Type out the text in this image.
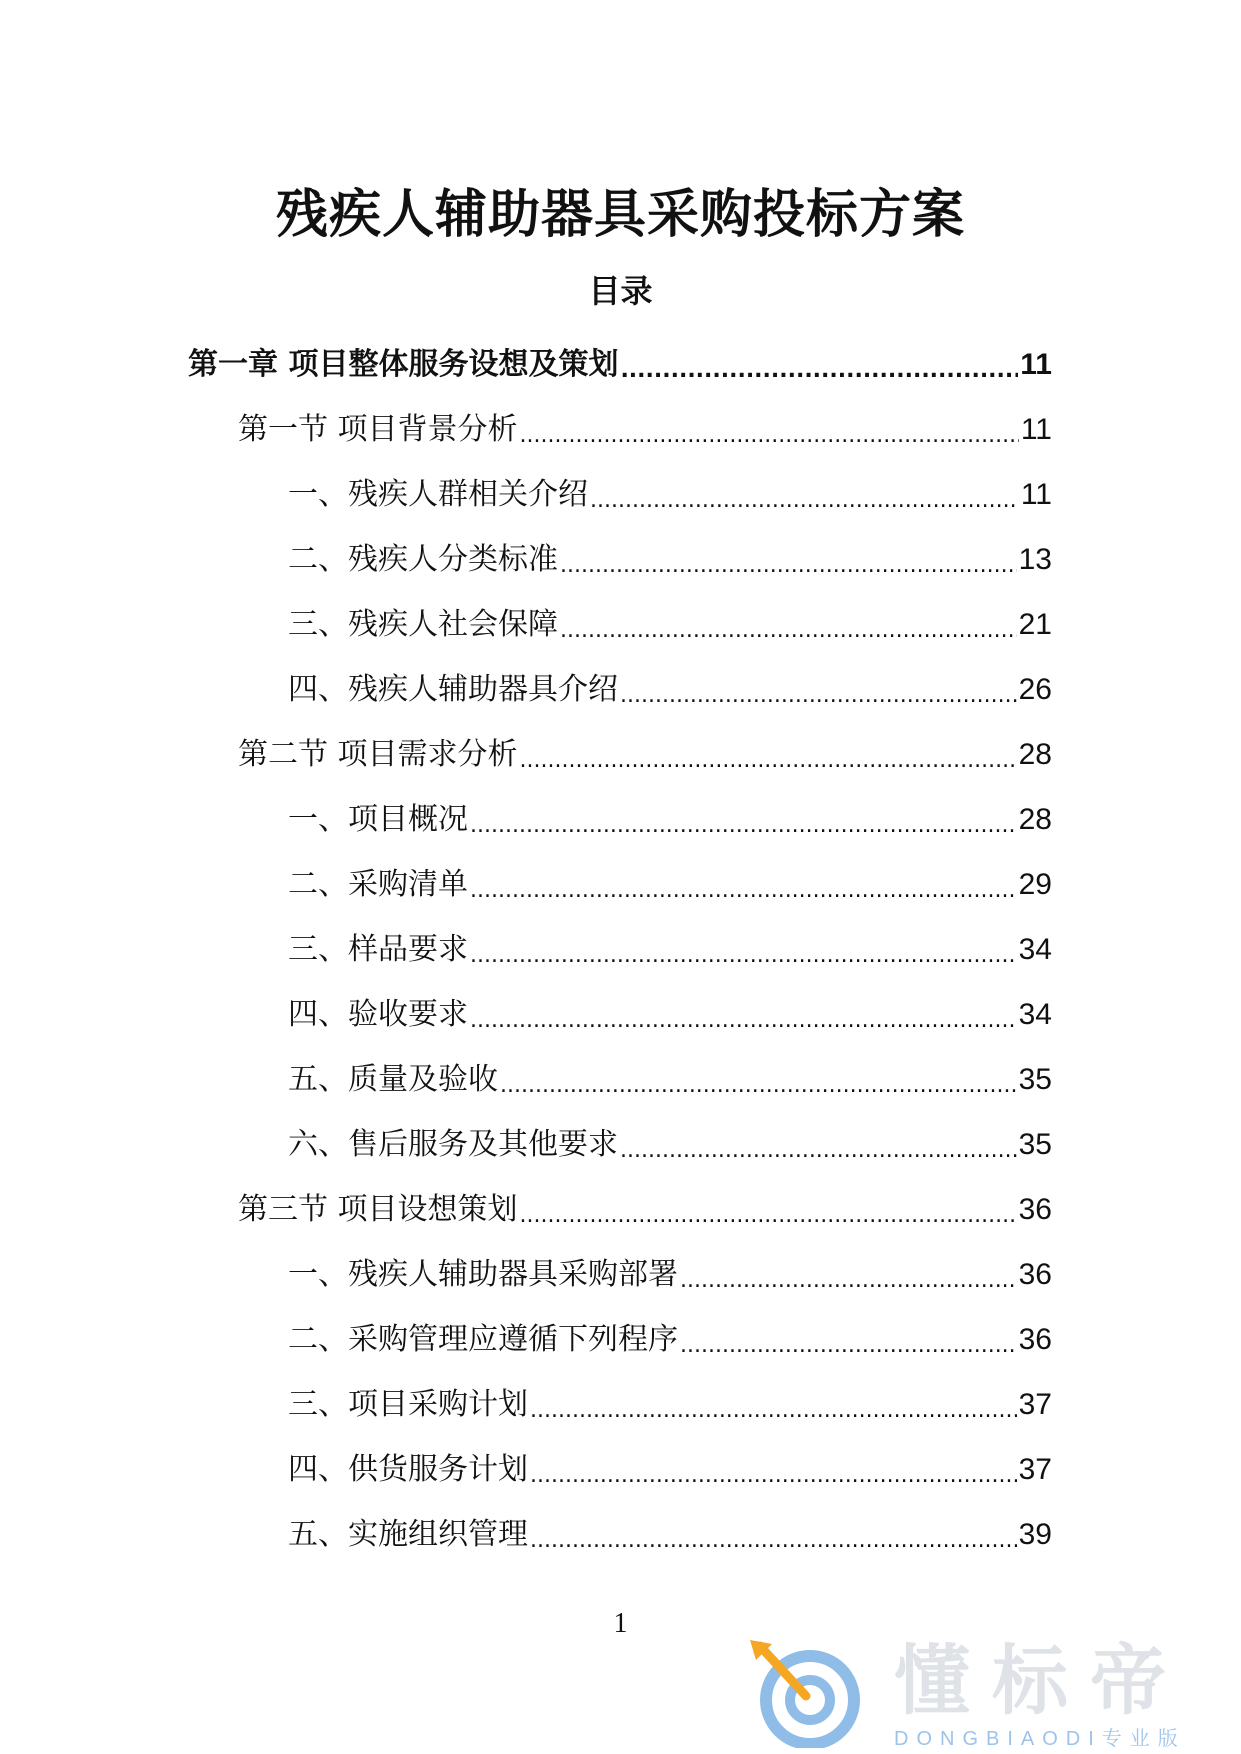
残疾人辅助器具采购投标方案
目录
第一章 项目整体服务设想及策划 .....	11
第一节 项目背景分析 .....	11
一、残疾人群相关介绍 .....	11
二、残疾人分类标准 .....	13
三、残疾人社会保障 .....	21
四、残疾人辅助器具介绍 .....	26
第二节 项目需求分析 .....	28
一、项目概况 .....	28
二、采购清单 .....	29
三、样品要求 .....	34
四、验收要求 .....	34
五、质量及验收 .....	35
六、售后服务及其他要求 .....	35
第三节 项目设想策划 .....	36
一、残疾人辅助器具采购部署 .....	36
二、采购管理应遵循下列程序 .....	36
三、项目采购计划 .....	37
四、供货服务计划 .....	37
五、实施组织管理 .....	39
1
懂标帝
DONGBIAODI专业版
